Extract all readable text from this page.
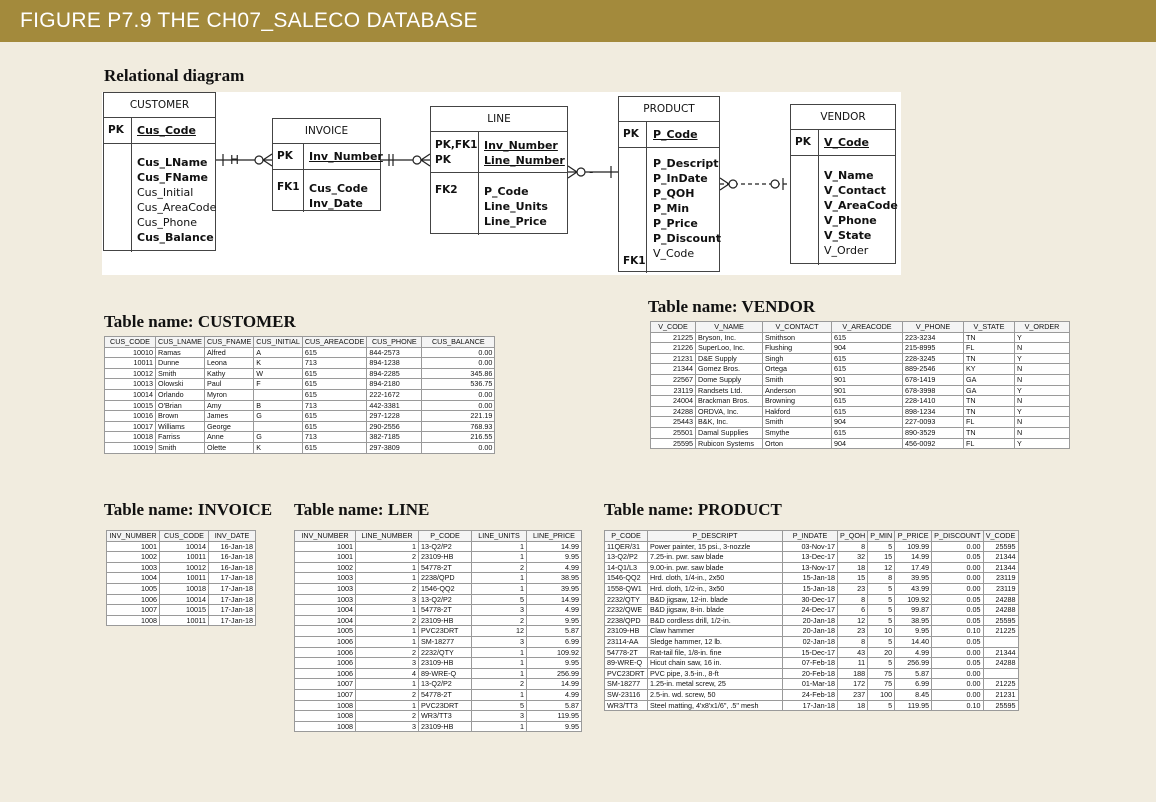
FIGURE P7.9 THE CH07_SALECO DATABASE
Relational diagram
H
-
CUSTOMER
PK Cus_Code
Cus_LName
Cus_FName
Cus_Initial
Cus_AreaCode
Cus_Phone
Cus_Balance
INVOICE
PK Inv_Number
FK1 Cus_Code
Inv_Date
LINE
PK,FK1
PK
Inv_Number
Line_Number
FK2 P_Code
Line_Units
Line_Price
PRODUCT
PK P_Code
FK1
P_Descript
P_InDate
P_QOH
P_Min
P_Price
P_Discount
V_Code
VENDOR
PK V_Code
V_Name
V_Contact
V_AreaCode
V_Phone
V_State
V_Order
Table name: CUSTOMER
Table name: VENDOR
Table name: INVOICE Table name: LINE	Table name: PRODUCT
CUS_CODE	CUS_LNAME	CUS_FNAME	CUS_INITIAL	CUS_AREACODE	CUS_PHONE	CUS_BALANCE
10010	Ramas	Alfred	A	615	844-2573	0.00
10011	Dunne	Leona	K	713	894-1238	0.00
10012	Smith	Kathy	W	615	894-2285	345.86
10013	Olowski	Paul	F	615	894-2180	536.75
10014	Orlando	Myron		615	222-1672	0.00
10015	O'Brian	Amy	B	713	442-3381	0.00
10016	Brown	James	G	615	297-1228	221.19
10017	Williams	George		615	290-2556	768.93
10018	Farriss	Anne	G	713	382-7185	216.55
10019	Smith	Olette	K	615	297-3809	0.00
V_CODE	V_NAME	V_CONTACT	V_AREACODE	V_PHONE	V_STATE	V_ORDER
21225	Bryson, Inc.	Smithson	615	223-3234	TN	Y
21226	SuperLoo, Inc.	Flushing	904	215-8995	FL	N
21231	D&E Supply	Singh	615	228-3245	TN	Y
21344	Gomez Bros.	Ortega	615	889-2546	KY	N
22567	Dome Supply	Smith	901	678-1419	GA	N
23119	Randsets Ltd.	Anderson	901	678-3998	GA	Y
24004	Brackman Bros.	Browning	615	228-1410	TN	N
24288	ORDVA, Inc.	Hakford	615	898-1234	TN	Y
25443	B&K, Inc.	Smith	904	227-0093	FL	N
25501	Damal Supplies	Smythe	615	890-3529	TN	N
25595	Rubicon Systems	Orton	904	456-0092	FL	Y
INV_NUMBER	CUS_CODE	INV_DATE
1001	10014	16-Jan-18
1002	10011	16-Jan-18
1003	10012	16-Jan-18
1004	10011	17-Jan-18
1005	10018	17-Jan-18
1006	10014	17-Jan-18
1007	10015	17-Jan-18
1008	10011	17-Jan-18
INV_NUMBER	LINE_NUMBER	P_CODE	LINE_UNITS	LINE_PRICE
1001	1	13-Q2/P2	1	14.99
1001	2	23109-HB	1	9.95
1002	1	54778-2T	2	4.99
1003	1	2238/QPD	1	38.95
1003	2	1546-QQ2	1	39.95
1003	3	13-Q2/P2	5	14.99
1004	1	54778-2T	3	4.99
1004	2	23109-HB	2	9.95
1005	1	PVC23DRT	12	5.87
1006	1	SM-18277	3	6.99
1006	2	2232/QTY	1	109.92
1006	3	23109-HB	1	9.95
1006	4	89-WRE-Q	1	256.99
1007	1	13-Q2/P2	2	14.99
1007	2	54778-2T	1	4.99
1008	1	PVC23DRT	5	5.87
1008	2	WR3/TT3	3	119.95
1008	3	23109-HB	1	9.95
P_CODE	P_DESCRIPT	P_INDATE	P_QOH	P_MIN	P_PRICE	P_DISCOUNT	V_CODE
11QER/31	Power painter, 15 psi., 3-nozzle	03-Nov-17	8	5	109.99	0.00	25595
13-Q2/P2	7.25-in. pwr. saw blade	13-Dec-17	32	15	14.99	0.05	21344
14-Q1/L3	9.00-in. pwr. saw blade	13-Nov-17	18	12	17.49	0.00	21344
1546-QQ2	Hrd. cloth, 1/4-in., 2x50	15-Jan-18	15	8	39.95	0.00	23119
1558-QW1	Hrd. cloth, 1/2-in., 3x50	15-Jan-18	23	5	43.99	0.00	23119
2232/QTY	B&D jigsaw, 12-in. blade	30-Dec-17	8	5	109.92	0.05	24288
2232/QWE	B&D jigsaw, 8-in. blade	24-Dec-17	6	5	99.87	0.05	24288
2238/QPD	B&D cordless drill, 1/2-in.	20-Jan-18	12	5	38.95	0.05	25595
23109-HB	Claw hammer	20-Jan-18	23	10	9.95	0.10	21225
23114-AA	Sledge hammer, 12 lb.	02-Jan-18	8	5	14.40	0.05	
54778-2T	Rat-tail file, 1/8-in. fine	15-Dec-17	43	20	4.99	0.00	21344
89-WRE-Q	Hicut chain saw, 16 in.	07-Feb-18	11	5	256.99	0.05	24288
PVC23DRT	PVC pipe, 3.5-in., 8-ft	20-Feb-18	188	75	5.87	0.00	
SM-18277	1.25-in. metal screw, 25	01-Mar-18	172	75	6.99	0.00	21225
SW-23116	2.5-in. wd. screw, 50	24-Feb-18	237	100	8.45	0.00	21231
WR3/TT3	Steel matting, 4'x8'x1/6", .5" mesh	17-Jan-18	18	5	119.95	0.10	25595
